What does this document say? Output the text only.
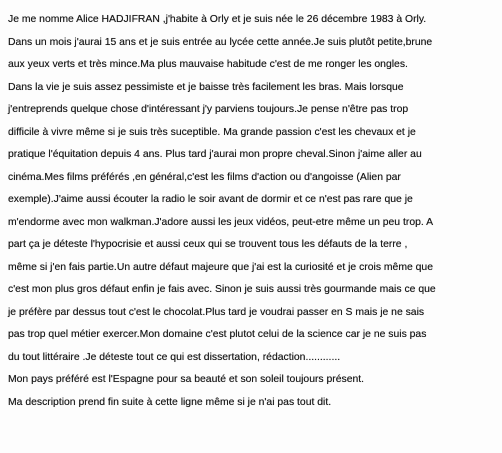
Je me nomme Alice HADJIFRAN ,j'habite à Orly et je suis née le 26 décembre 1983 à Orly.
Dans un mois j'aurai 15 ans et je suis entrée au lycée cette année.Je suis plutôt petite,brune
aux yeux verts et très mince.Ma plus mauvaise habitude c'est de me ronger les ongles.
Dans la vie je suis assez pessimiste et je baisse très facilement les bras. Mais lorsque
j'entreprends quelque chose d'intéressant j'y parviens toujours.Je pense n'être pas trop
difficile à vivre même si je suis très suceptible. Ma grande passion c'est les chevaux et je
pratique l'équitation depuis 4 ans. Plus tard j'aurai mon propre cheval.Sinon j'aime aller au
cinéma.Mes films préférés ,en général,c'est les films d'action ou d'angoisse (Alien par
exemple).J'aime aussi écouter la radio le soir avant de dormir et ce n'est pas rare que je
m'endorme avec mon walkman.J'adore aussi les jeux vidéos, peut-etre même un peu trop. A
part ça je déteste l'hypocrisie et aussi ceux qui se trouvent tous les défauts de la terre ,
même si j'en fais partie.Un autre défaut majeure que j'ai est la curiosité et je crois même que
c'est mon plus gros défaut enfin je fais avec. Sinon je suis aussi très gourmande mais ce que
je préfère par dessus tout c'est le chocolat.Plus tard je voudrai passer en S mais je ne sais
pas trop quel métier exercer.Mon domaine c'est plutot celui de la science car je ne suis pas
du tout littéraire .Je déteste tout ce qui est dissertation, rédaction............
Mon pays préféré est l'Espagne pour sa beauté et son soleil toujours présent.
Ma description prend fin suite à cette ligne même si je n'ai pas tout dit.
